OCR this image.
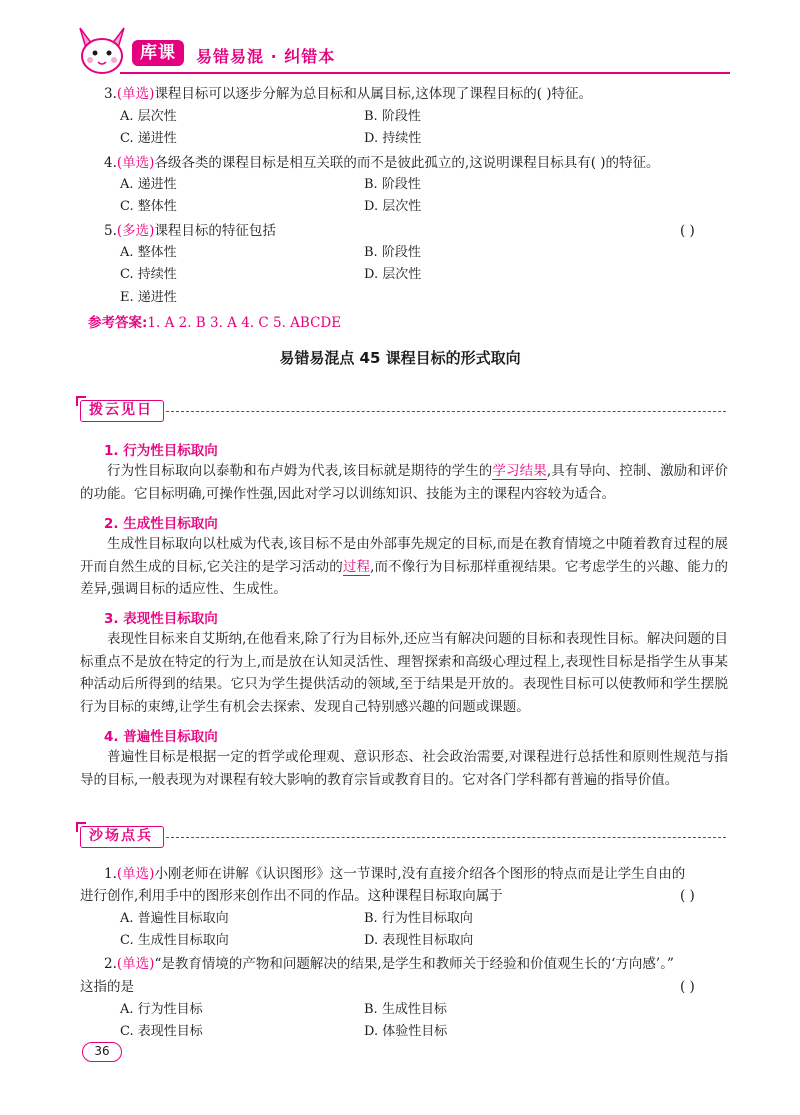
库课	易错易混 · 纠错本
3.(单选)课程目标可以逐步分解为总目标和从属目标,这体现了课程目标的( )特征。
A. 层次性	B. 阶段性
C. 递进性	D. 持续性
4.(单选)各级各类的课程目标是相互关联的而不是彼此孤立的,这说明课程目标具有( )的特征。
A. 递进性	B. 阶段性
C. 整体性	D. 层次性
5.(多选)课程目标的特征包括	( )
A. 整体性	B. 阶段性
C. 持续性	D. 层次性
E. 递进性
参考答案:1. A 2. B 3. A 4. C 5. ABCDE
易错易混点 45 课程目标的形式取向
拨云见日
1. 行为性目标取向
行为性目标取向以泰勒和布卢姆为代表,该目标就是期待的学生的学习结果,具有导向、控制、激励和评价的功能。它目标明确,可操作性强,因此对学习以训练知识、技能为主的课程内容较为适合。
2. 生成性目标取向
生成性目标取向以杜威为代表,该目标不是由外部事先规定的目标,而是在教育情境之中随着教育过程的展开而自然生成的目标,它关注的是学习活动的过程,而不像行为目标那样重视结果。它考虑学生的兴趣、能力的差异,强调目标的适应性、生成性。
3. 表现性目标取向
表现性目标来自艾斯纳,在他看来,除了行为目标外,还应当有解决问题的目标和表现性目标。解决问题的目标重点不是放在特定的行为上,而是放在认知灵活性、理智探索和高级心理过程上,表现性目标是指学生从事某种活动后所得到的结果。它只为学生提供活动的领域,至于结果是开放的。表现性目标可以使教师和学生摆脱行为目标的束缚,让学生有机会去探索、发现自己特别感兴趣的问题或课题。
4. 普遍性目标取向
普遍性目标是根据一定的哲学或伦理观、意识形态、社会政治需要,对课程进行总括性和原则性规范与指导的目标,一般表现为对课程有较大影响的教育宗旨或教育目的。它对各门学科都有普遍的指导价值。
沙场点兵
1.(单选)小刚老师在讲解《认识图形》这一节课时,没有直接介绍各个图形的特点而是让学生自由的
进行创作,利用手中的图形来创作出不同的作品。这种课程目标取向属于	( )
A. 普遍性目标取向	B. 行为性目标取向
C. 生成性目标取向	D. 表现性目标取向
2.(单选)“是教育情境的产物和问题解决的结果,是学生和教师关于经验和价值观生长的‘方向感’。”
这指的是	( )
A. 行为性目标	B. 生成性目标
C. 表现性目标	D. 体验性目标
36
